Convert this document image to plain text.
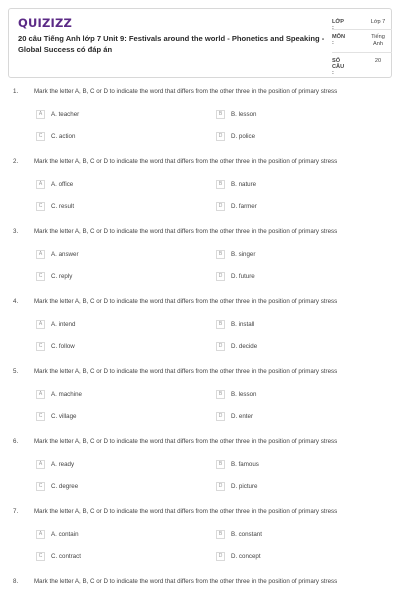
QUIZIZZ
20 câu Tiếng Anh lớp 7 Unit 9: Festivals around the world - Phonetics and Speaking - Global Success có đáp án
LỚP :
Lớp 7
MÔN :
Tiếng Anh
SỐ CÂU :
20
1.	Mark the letter A, B, C or D to indicate the word that differs from the other three in the position of primary stress
A	A. teacher	B	B. lesson
C	C. action	D	D. police
2.	Mark the letter A, B, C or D to indicate the word that differs from the other three in the position of primary stress
A	A. office	B	B. nature
C	C. result	D	D. farmer
3.	Mark the letter A, B, C or D to indicate the word that differs from the other three in the position of primary stress
A	A. answer	B	B. singer
C	C. reply	D	D. future
4.	Mark the letter A, B, C or D to indicate the word that differs from the other three in the position of primary stress
A	A. intend	B	B. install
C	C. follow	D	D. decide
5.	Mark the letter A, B, C or D to indicate the word that differs from the other three in the position of primary stress
A	A. machine	B	B. lesson
C	C. village	D	D. enter
6.	Mark the letter A, B, C or D to indicate the word that differs from the other three in the position of primary stress
A	A. ready	B	B. famous
C	C. degree	D	D. picture
7.	Mark the letter A, B, C or D to indicate the word that differs from the other three in the position of primary stress
A	A. contain	B	B. constant
C	C. contract	D	D. concept
8.	Mark the letter A, B, C or D to indicate the word that differs from the other three in the position of primary stress
